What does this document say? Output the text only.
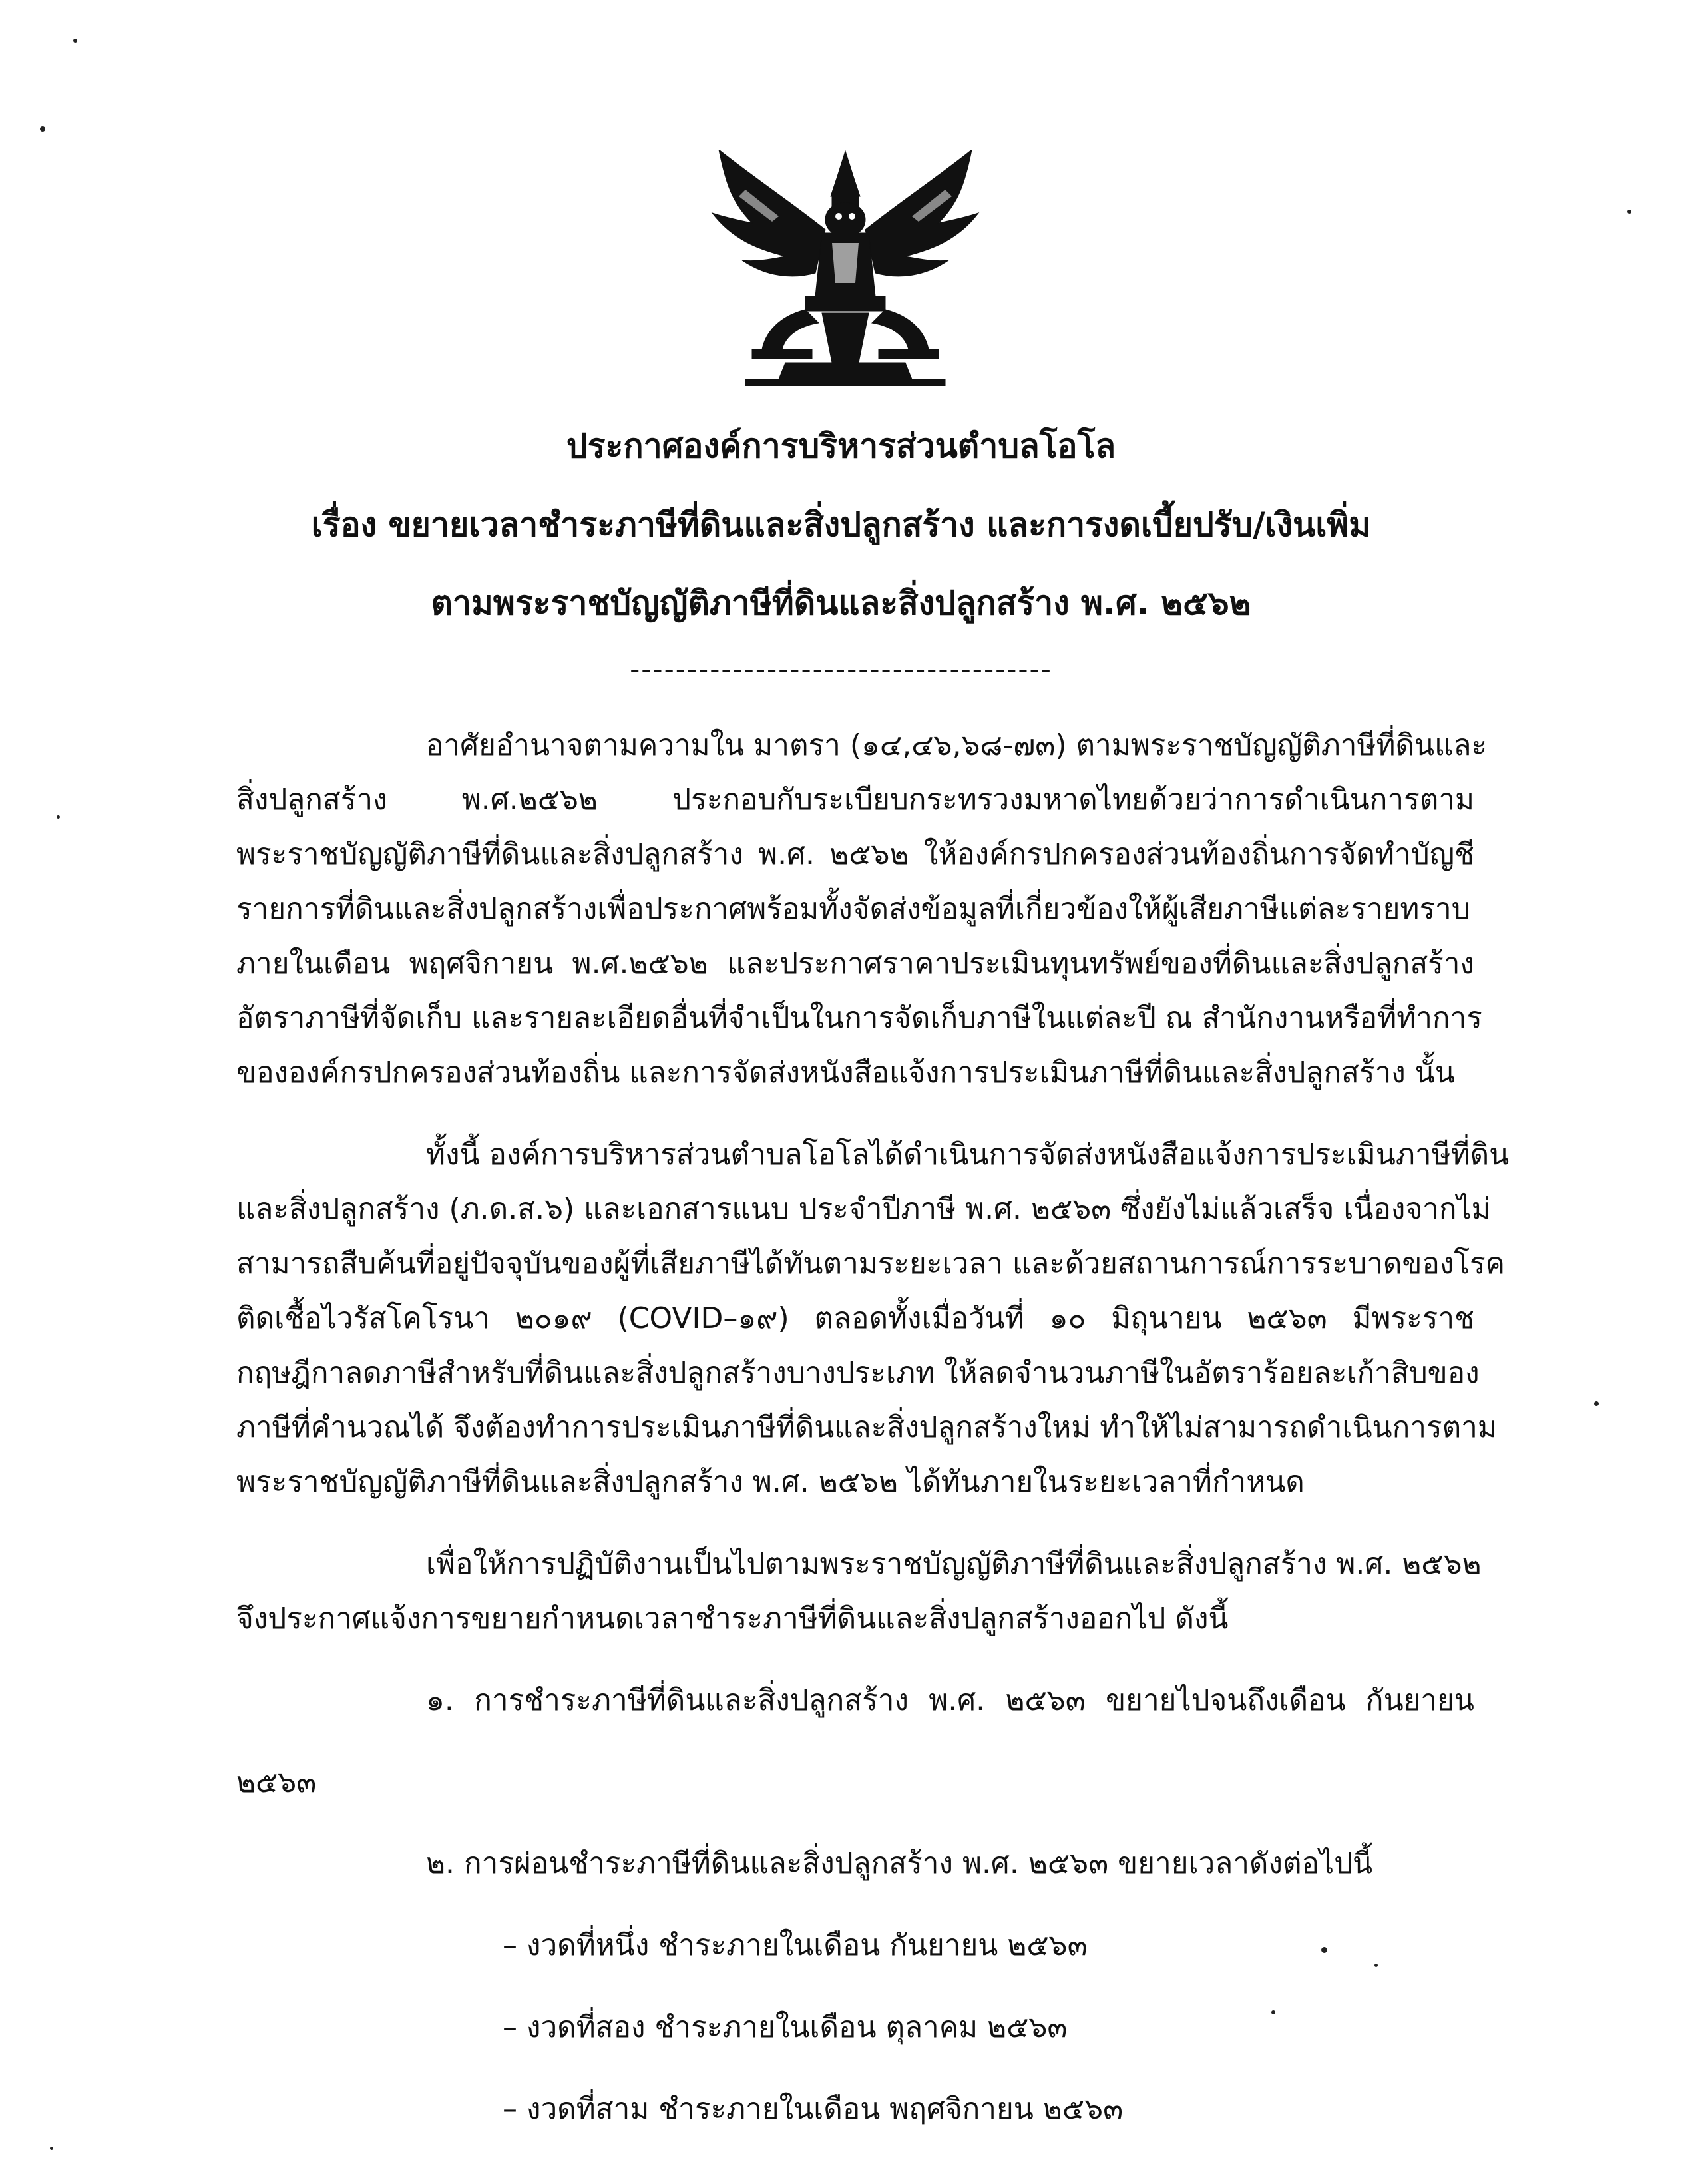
ประกาศองค์การบริหารส่วนตำบลโอโล
เรื่อง ขยายเวลาชำระภาษีที่ดินและสิ่งปลูกสร้าง และการงดเบี้ยปรับ/เงินเพิ่ม
ตามพระราชบัญญัติภาษีที่ดินและสิ่งปลูกสร้าง พ.ศ. ๒๕๖๒
-------------------------------------
อาศัยอำนาจตามความใน มาตรา (๑๔,๔๖,๖๘-๗๓) ตามพระราชบัญญัติภาษีที่ดินและ
สิ่งปลูกสร้าง พ.ศ.๒๕๖๒ ประกอบกับระเบียบกระทรวงมหาดไทยด้วยว่าการดำเนินการตาม
พระราชบัญญัติภาษีที่ดินและสิ่งปลูกสร้าง พ.ศ. ๒๕๖๒ ให้องค์กรปกครองส่วนท้องถิ่นการจัดทำบัญชี
รายการที่ดินและสิ่งปลูกสร้างเพื่อประกาศพร้อมทั้งจัดส่งข้อมูลที่เกี่ยวข้องให้ผู้เสียภาษีแต่ละรายทราบ
ภายในเดือน พฤศจิกายน พ.ศ.๒๕๖๒ และประกาศราคาประเมินทุนทรัพย์ของที่ดินและสิ่งปลูกสร้าง
อัตราภาษีที่จัดเก็บ และรายละเอียดอื่นที่จำเป็นในการจัดเก็บภาษีในแต่ละปี ณ สำนักงานหรือที่ทำการ
ขององค์กรปกครองส่วนท้องถิ่น และการจัดส่งหนังสือแจ้งการประเมินภาษีที่ดินและสิ่งปลูกสร้าง นั้น
ทั้งนี้ องค์การบริหารส่วนตำบลโอโลได้ดำเนินการจัดส่งหนังสือแจ้งการประเมินภาษีที่ดิน
และสิ่งปลูกสร้าง (ภ.ด.ส.๖) และเอกสารแนบ ประจำปีภาษี พ.ศ. ๒๕๖๓ ซึ่งยังไม่แล้วเสร็จ เนื่องจากไม่
สามารถสืบค้นที่อยู่ปัจจุบันของผู้ที่เสียภาษีได้ทันตามระยะเวลา และด้วยสถานการณ์การระบาดของโรค
ติดเชื้อไวรัสโคโรนา ๒๐๑๙ (COVID–๑๙) ตลอดทั้งเมื่อวันที่ ๑๐ มิถุนายน ๒๕๖๓ มีพระราช
กฤษฎีกาลดภาษีสำหรับที่ดินและสิ่งปลูกสร้างบางประเภท ให้ลดจำนวนภาษีในอัตราร้อยละเก้าสิบของ
ภาษีที่คำนวณได้ จึงต้องทำการประเมินภาษีที่ดินและสิ่งปลูกสร้างใหม่ ทำให้ไม่สามารถดำเนินการตาม
พระราชบัญญัติภาษีที่ดินและสิ่งปลูกสร้าง พ.ศ. ๒๕๖๒ ได้ทันภายในระยะเวลาที่กำหนด
เพื่อให้การปฏิบัติงานเป็นไปตามพระราชบัญญัติภาษีที่ดินและสิ่งปลูกสร้าง พ.ศ. ๒๕๖๒
จึงประกาศแจ้งการขยายกำหนดเวลาชำระภาษีที่ดินและสิ่งปลูกสร้างออกไป ดังนี้
๑. การชำระภาษีที่ดินและสิ่งปลูกสร้าง พ.ศ. ๒๕๖๓ ขยายไปจนถึงเดือน กันยายน
๒๕๖๓
๒. การผ่อนชำระภาษีที่ดินและสิ่งปลูกสร้าง พ.ศ. ๒๕๖๓ ขยายเวลาดังต่อไปนี้
– งวดที่หนึ่ง ชำระภายในเดือน กันยายน ๒๕๖๓
– งวดที่สอง ชำระภายในเดือน ตุลาคม ๒๕๖๓
– งวดที่สาม ชำระภายในเดือน พฤศจิกายน ๒๕๖๓
